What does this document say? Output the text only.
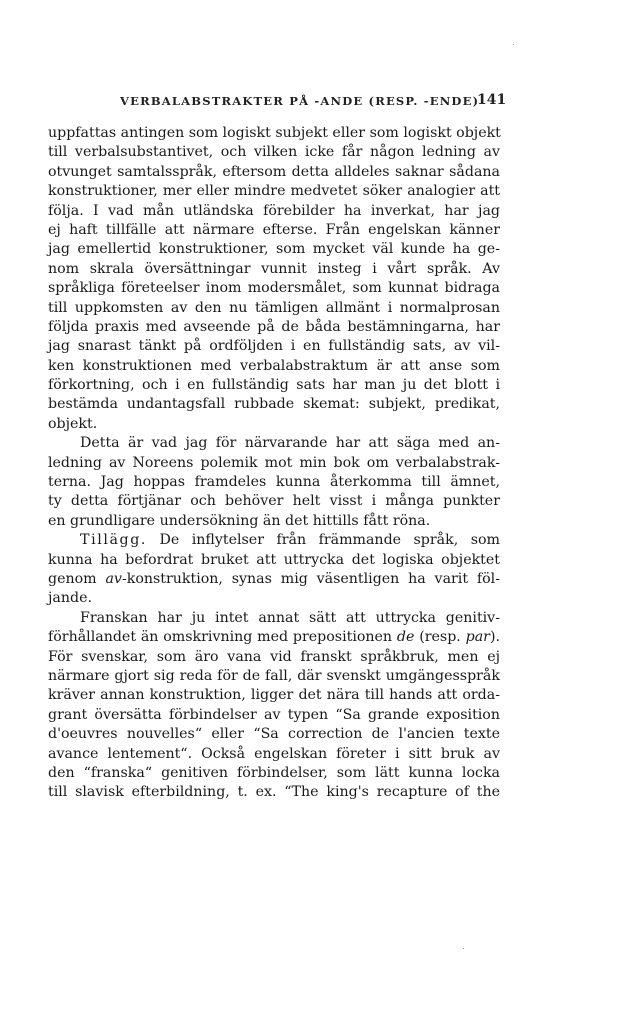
VERBALABSTRAKTER PÅ -ANDE (RESP. -ENDE)
141
uppfattas antingen som logiskt subjekt eller som logiskt objekt
till verbalsubstantivet, och vilken icke får någon ledning av
otvunget samtalsspråk, eftersom detta alldeles saknar sådana
konstruktioner, mer eller mindre medvetet söker analogier att
följa. I vad mån utländska förebilder ha inverkat, har jag
ej haft tillfälle att närmare efterse. Från engelskan känner
jag emellertid konstruktioner, som mycket väl kunde ha ge-
nom skrala översättningar vunnit insteg i vårt språk. Av
språkliga företeelser inom modersmålet, som kunnat bidraga
till uppkomsten av den nu tämligen allmänt i normalprosan
följda praxis med avseende på de båda bestämningarna, har
jag snarast tänkt på ordföljden i en fullständig sats, av vil-
ken konstruktionen med verbalabstraktum är att anse som
förkortning, och i en fullständig sats har man ju det blott i
bestämda undantagsfall rubbade skemat: subjekt, predikat,
objekt.
Detta är vad jag för närvarande har att säga med an-
ledning av Noreens polemik mot min bok om verbalabstrak-
terna. Jag hoppas framdeles kunna återkomma till ämnet,
ty detta förtjänar och behöver helt visst i många punkter
en grundligare undersökning än det hittills fått röna.
Tillägg. De inflytelser från främmande språk, som
kunna ha befordrat bruket att uttrycka det logiska objektet
genom av-konstruktion, synas mig väsentligen ha varit föl-
jande.
Franskan har ju intet annat sätt att uttrycka genitiv-
förhållandet än omskrivning med prepositionen de (resp. par).
För svenskar, som äro vana vid franskt språkbruk, men ej
närmare gjort sig reda för de fall, där svenskt umgängesspråk
kräver annan konstruktion, ligger det nära till hands att orda-
grant översätta förbindelser av typen “Sa grande exposition
d'oeuvres nouvelles“ eller “Sa correction de l'ancien texte
avance lentement“. Också engelskan företer i sitt bruk av
den “franska“ genitiven förbindelser, som lätt kunna locka
till slavisk efterbildning, t. ex. “The king's recapture of the
